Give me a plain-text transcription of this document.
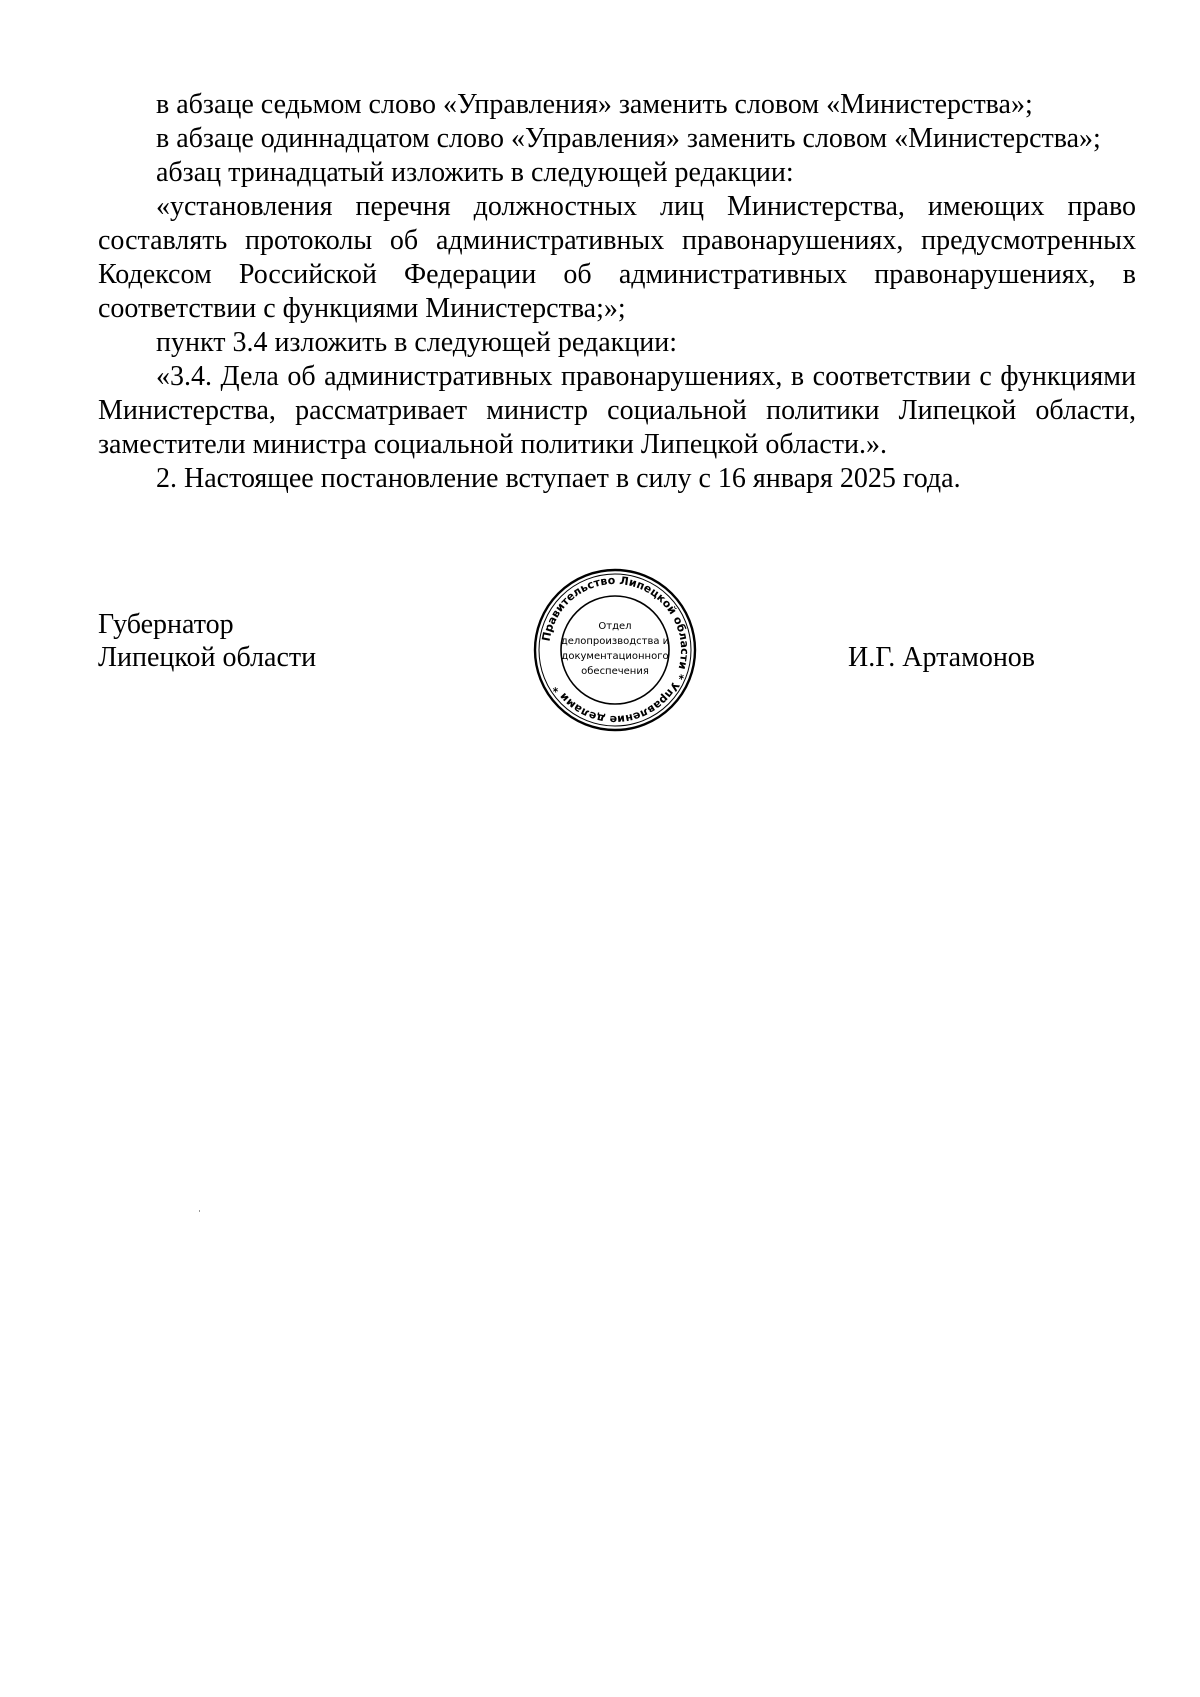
в абзаце седьмом слово «Управления» заменить словом «Министерства»;

в абзаце одиннадцатом слово «Управления» заменить словом «Министерства»;

абзац тринадцатый изложить в следующей редакции:

«установления перечня должностных лиц Министерства, имеющих право составлять протоколы об административных правонарушениях, предусмотренных Кодексом Российской Федерации об административных правонарушениях, в соответствии с функциями Министерства;»;

пункт 3.4 изложить в следующей редакции:

«3.4. Дела об административных правонарушениях, в соответствии с функциями Министерства, рассматривает министр социальной политики Липецкой области, заместители министра социальной политики Липецкой области.».

2. Настоящее постановление вступает в силу с 16 января 2025 года.

Губернатор
Липецкой области	И.Г. Артамонов
Правительство Липецкой области * Управление делами *
Отдел
делопроизводства и
документационного
обеспечения
